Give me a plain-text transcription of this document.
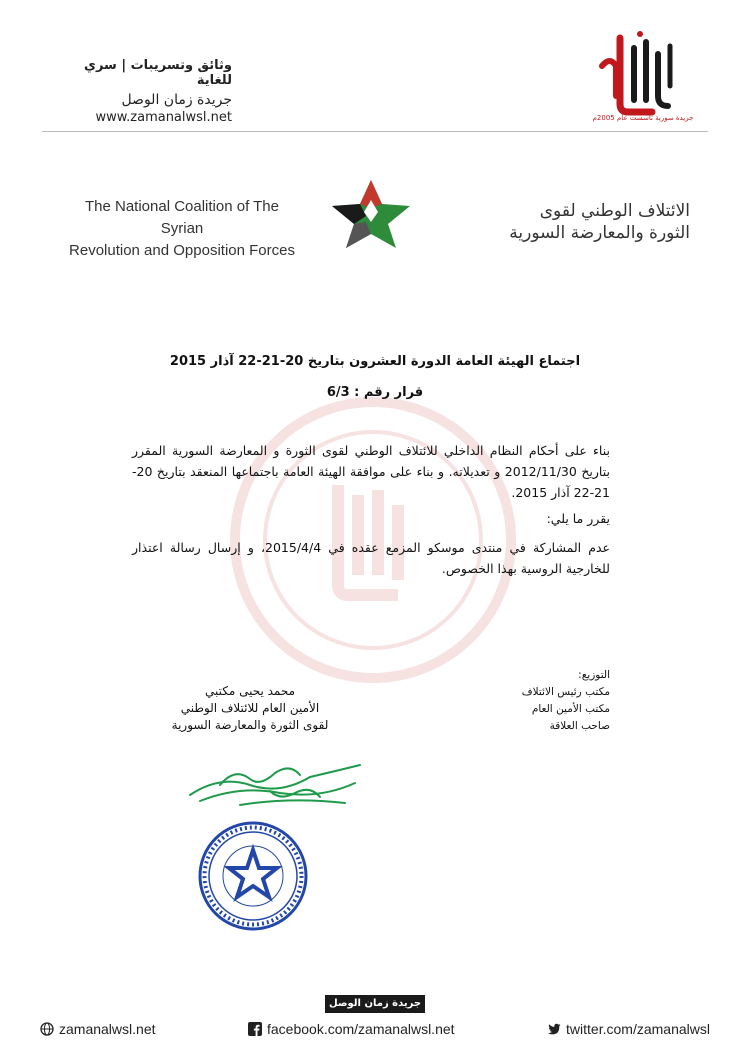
جريدة سورية تأسست عام 2005م
وثائق وتسريبات | سري للغاية
جريدة زمان الوصل
www.zamanalwsl.net
The National Coalition of The Syrian
Revolution and Opposition Forces
الائتلاف الوطني لقوى
الثورة والمعارضة السورية
اجتماع الهيئة العامة الدورة العشرون بتاريخ 20-21-22 آذار 2015
قرار رقم : 6/3
بناء على أحكام النظام الداخلي للائتلاف الوطني لقوى الثورة و المعارضة السورية المقرر بتاريخ 2012/11/30 و تعديلاته. و بناء على موافقة الهيئة العامة باجتماعها المنعقد بتاريخ 20-21-22 آذار 2015.
يقرر ما يلي:
عدم المشاركة في منتدى موسكو المزمع عقده في 2015/4/4، و إرسال رسالة اعتذار للخارجية الروسية بهذا الخصوص.
التوزيع:
مكتب رئيس الائتلاف
مكتب الأمين العام
صاحب العلاقة
محمد يحيى مكتبي
الأمين العام للائتلاف الوطني
لقوى الثورة والمعارضة السورية
جريدة زمان الوصل
zamanalwsl.net	facebook.com/zamanalwsl.net	twitter.com/zamanalwsl
